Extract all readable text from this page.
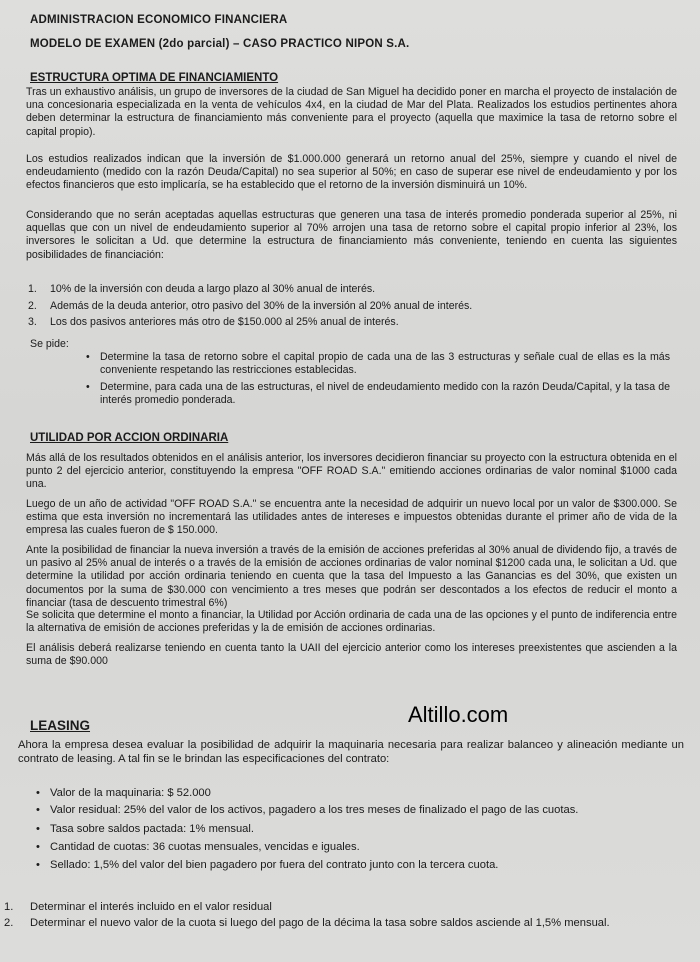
ADMINISTRACION ECONOMICO FINANCIERA
MODELO DE EXAMEN (2do parcial) – CASO PRACTICO NIPON S.A.
ESTRUCTURA OPTIMA DE FINANCIAMIENTO
Tras un exhaustivo análisis, un grupo de inversores de la ciudad de San Miguel ha decidido poner en marcha el proyecto de instalación de una concesionaria especializada en la venta de vehículos 4x4, en la ciudad de Mar del Plata. Realizados los estudios pertinentes ahora deben determinar la estructura de financiamiento más conveniente para el proyecto (aquella que maximice la tasa de retorno sobre el capital propio).
Los estudios realizados indican que la inversión de $1.000.000 generará un retorno anual del 25%, siempre y cuando el nivel de endeudamiento (medido con la razón Deuda/Capital) no sea superior al 50%; en caso de superar ese nivel de endeudamiento y por los efectos financieros que esto implicaría, se ha establecido que el retorno de la inversión disminuirá un 10%.
Considerando que no serán aceptadas aquellas estructuras que generen una tasa de interés promedio ponderada superior al 25%, ni aquellas que con un nivel de endeudamiento superior al 70% arrojen una tasa de retorno sobre el capital propio inferior al 23%, los inversores le solicitan a Ud. que determine la estructura de financiamiento más conveniente, teniendo en cuenta las siguientes posibilidades de financiación:
1. 10% de la inversión con deuda a largo plazo al 30% anual de interés.
2. Además de la deuda anterior, otro pasivo del 30% de la inversión al 20% anual de interés.
3. Los dos pasivos anteriores más otro de $150.000 al 25% anual de interés.
Se pide:
• Determine la tasa de retorno sobre el capital propio de cada una de las 3 estructuras y señale cual de ellas es la más conveniente respetando las restricciones establecidas.
• Determine, para cada una de las estructuras, el nivel de endeudamiento medido con la razón Deuda/Capital, y la tasa de interés promedio ponderada.
UTILIDAD POR ACCION ORDINARIA
Más allá de los resultados obtenidos en el análisis anterior, los inversores decidieron financiar su proyecto con la estructura obtenida en el punto 2 del ejercicio anterior, constituyendo la empresa "OFF ROAD S.A." emitiendo acciones ordinarias de valor nominal $1000 cada una.
Luego de un año de actividad "OFF ROAD S.A." se encuentra ante la necesidad de adquirir un nuevo local por un valor de $300.000. Se estima que esta inversión no incrementará las utilidades antes de intereses e impuestos obtenidas durante el primer año de vida de la empresa las cuales fueron de $ 150.000.
Ante la posibilidad de financiar la nueva inversión a través de la emisión de acciones preferidas al 30% anual de dividendo fijo, a través de un pasivo al 25% anual de interés o a través de la emisión de acciones ordinarias de valor nominal $1200 cada una, le solicitan a Ud. que determine la utilidad por acción ordinaria teniendo en cuenta que la tasa del Impuesto a las Ganancias es del 30%, que existen un documentos por la suma de $30.000 con vencimiento a tres meses que podrán ser descontados a los efectos de reducir el monto a financiar (tasa de descuento trimestral 6%)
Se solicita que determine el monto a financiar, la Utilidad por Acción ordinaria de cada una de las opciones y el punto de indiferencia entre la alternativa de emisión de acciones preferidas y la de emisión de acciones ordinarias.
El análisis deberá realizarse teniendo en cuenta tanto la UAII del ejercicio anterior como los intereses preexistentes que ascienden a la suma de $90.000
Altillo.com
LEASING
Ahora la empresa desea evaluar la posibilidad de adquirir la maquinaria necesaria para realizar balanceo y alineación mediante un contrato de leasing. A tal fin se le brindan las especificaciones del contrato:
• Valor de la maquinaria: $ 52.000
• Valor residual: 25% del valor de los activos, pagadero a los tres meses de finalizado el pago de las cuotas.
• Tasa sobre saldos pactada: 1% mensual.
• Cantidad de cuotas: 36 cuotas mensuales, vencidas e iguales.
• Sellado: 1,5% del valor del bien pagadero por fuera del contrato junto con la tercera cuota.
1. Determinar el interés incluido en el valor residual
2. Determinar el nuevo valor de la cuota si luego del pago de la décima la tasa sobre saldos asciende al 1,5% mensual.
